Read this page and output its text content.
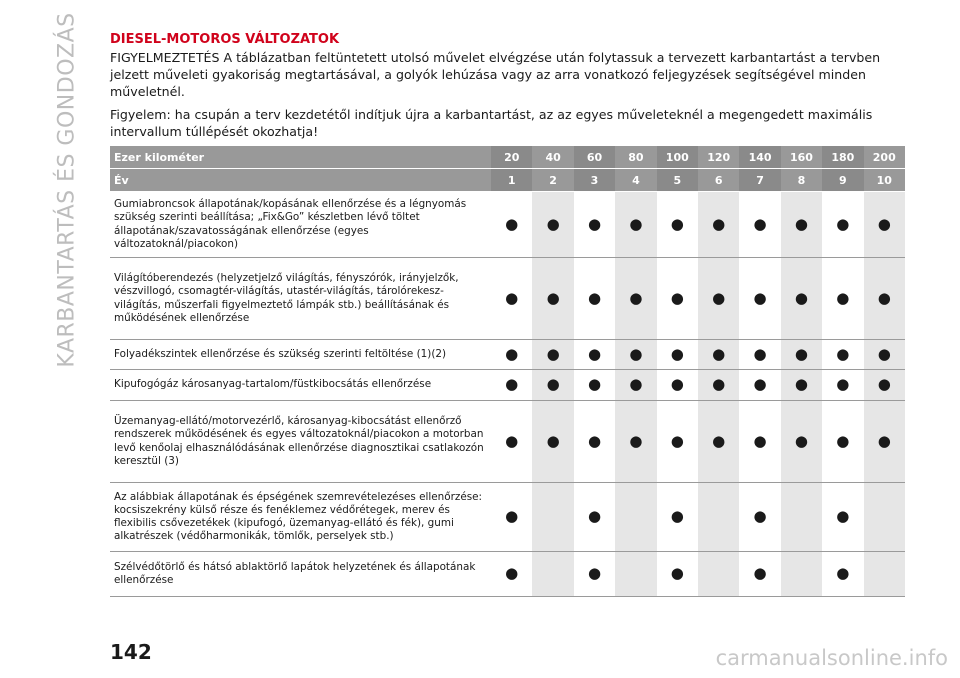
KARBANTARTÁS ÉS GONDOZÁS DIESEL-MOTOROS VÁLTOZATOK

FIGYELMEZTETÉS A táblázatban feltüntetett utolsó művelet elvégzése után folytassuk a tervezett karbantartást a tervben jelzett műveleti gyakoriság megtartásával, a golyók lehúzása vagy az arra vonatkozó feljegyzések segítségével minden műveletnél.

Figyelem: ha csupán a terv kezdetétől indítjuk újra a karbantartást, az az egyes műveleteknél a megengedett maximális intervallum túllépését okozhatja!

Ezer kilométer	20	40	60	80	100	120	140	160	180	200
Év	1	2	3	4	5	6	7	8	9	10
Gumiabroncsok állapotának/kopásának ellenőrzése és a légnyomás szükség szerinti beállítása; „Fix&Go” készletben lévő töltet állapotának/szavatosságának ellenőrzése (egyes változatoknál/piacokon)	●	●	●	●	●	●	●	●	●	●
Világítóberendezés (helyzetjelző világítás, fényszórók, irányjelzők, vészvillogó, csomagtér-világítás, utastér-világítás, tárolórekesz-világítás, műszerfali figyelmeztető lámpák stb.) beállításának és működésének ellenőrzése	●	●	●	●	●	●	●	●	●	●
Folyadékszintek ellenőrzése és szükség szerinti feltöltése (1)(2)	●	●	●	●	●	●	●	●	●	●
Kipufogógáz károsanyag-tartalom/füstkibocsátás ellenőrzése	●	●	●	●	●	●	●	●	●	●
Üzemanyag-ellátó/motorvezérlő, károsanyag-kibocsátást ellenőrző rendszerek működésének és egyes változatoknál/piacokon a motorban levő kenőolaj elhasználódásának ellenőrzése diagnosztikai csatlakozón keresztül (3)	●	●	●	●	●	●	●	●	●	●
Az alábbiak állapotának és épségének szemrevételezéses ellenőrzése: kocsiszekrény külső része és fenéklemez védőrétegek, merev és flexibilis csővezetékek (kipufogó, üzemanyag-ellátó és fék), gumi alkatrészek (védőharmonikák, tömlők, perselyek stb.)	●		●		●		●		●	
Szélvédőtörlő és hátsó ablaktörlő lapátok helyzetének és állapotának ellenőrzése	●		●		●		●		●	
142	carmanualsonline.info
